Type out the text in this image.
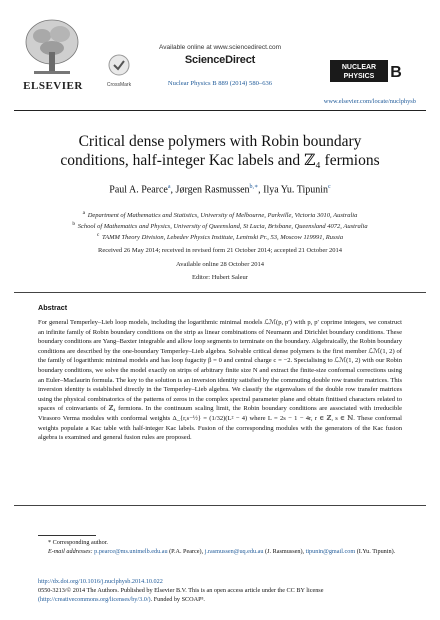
ELSEVIER	CrossMark
Available online at www.sciencedirect.com
ScienceDirect
Nuclear Physics B 889 (2014) 580–636
NUCLEAR
PHYSICS B
www.elsevier.com/locate/nuclphysb
Critical dense polymers with Robin boundary
conditions, half-integer Kac labels and ℤ₄ fermions
Paul A. Pearce$^a$, Jørgen Rasmussen$^{b,∗}$, Ilya Yu. Tipunin$^c$
$^a$ Department of Mathematics and Statistics, University of Melbourne, Parkville, Victoria 3010, Australia
$^b$ School of Mathematics and Physics, University of Queensland, St Lucia, Brisbane, Queensland 4072, Australia
$^c$ TAMM Theory Division, Lebedev Physics Institute, Leninski Pr., 53, Moscow 119991, Russia
Received 26 May 2014; received in revised form 21 October 2014; accepted 21 October 2014
Available online 28 October 2014
Editor: Hubert Saleur
Abstract
For general Temperley–Lieb loop models, including the logarithmic minimal models ℒℳ(p, p′) with p, p′ coprime integers, we construct an infinite family of Robin boundary conditions on the strip as linear combinations of Neumann and Dirichlet boundary conditions. These boundary conditions are Yang–Baxter integrable and allow loop segments to terminate on the boundary. Algebraically, the Robin boundary conditions are described by the one-boundary Temperley–Lieb algebra. Solvable critical dense polymers is the first member ℒℳ(1, 2) of the family of logarithmic minimal models and has loop fugacity β = 0 and central charge c = −2. Specialising to ℒℳ(1, 2) with our Robin boundary conditions, we solve the model exactly on strips of arbitrary finite size N and extract the finite-size conformal corrections using an Euler–Maclaurin formula. The key to the solution is an inversion identity satisfied by the commuting double row transfer matrices. This inversion identity is established directly in the Temperley–Lieb algebra. We classify the eigenvalues of the double row transfer matrices using the physical combinatorics of the patterns of zeros in the complex spectral parameter plane and obtain finitised characters related to spaces of coinvariants of ℤ₄ fermions. In the continuum scaling limit, the Robin boundary conditions are associated with irreducible Virasoro Verma modules with conformal weights Δ_{r,s−½} = (1/32)(L² − 4) where L = 2s − 1 − 4r, r ∈ ℤ, s ∈ ℕ. These conformal weights populate a Kac table with half-integer Kac labels. Fusion of the corresponding modules with the generators of the Kac fusion algebra is examined and general fusion rules are proposed.
* Corresponding author.
E-mail addresses: p.pearce@ms.unimelb.edu.au (P.A. Pearce), j.rasmussen@uq.edu.au (J. Rasmussen), tipunin@gmail.com (I.Yu. Tipunin).
http://dx.doi.org/10.1016/j.nuclphysb.2014.10.022
0550-3213/© 2014 The Authors. Published by Elsevier B.V. This is an open access article under the CC BY license (http://creativecommons.org/licenses/by/3.0/). Funded by SCOAP³.
